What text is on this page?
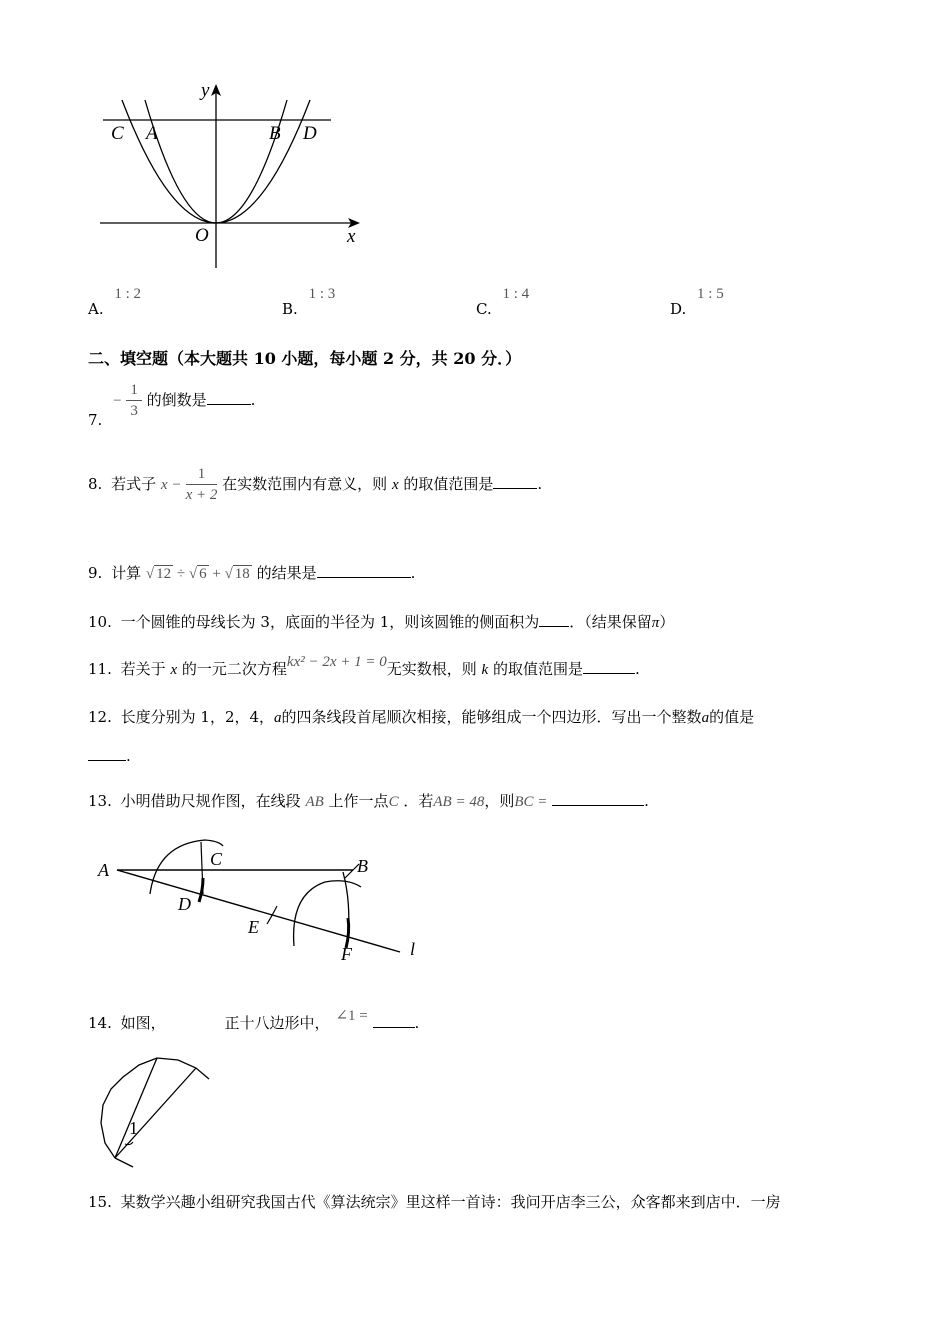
y
x
O
C A	B D
A. 1 : 2
B. 1 : 3
C. 1 : 4
D. 1 : 5
二、填空题（本大题共 10 小题，每小题 2 分，共 20 分．）
7. − $\frac{1}{3}$ 的倒数是	.
8. 若式子 $x - \frac{1}{x + 2}$ 在实数范围内有意义，则 x 的取值范围是	.
9. 计算 √ 12 ÷ √ 6 + √ 18 的结果是	.
10. 一个圆锥的母线长为 3，底面的半径为 1，则该圆锥的侧面积为 ．（结果保留π）
11. 若关于 x 的一元二次方程kx² − 2x + 1 = 0无实数根，则 k 的取值范围是	.
12. 长度分别为 1，2，4，a的四条线段首尾顺次相接，能够组成一个四边形．写出一个整数a的值是
.
13. 小明借助尺规作图，在线段 AB 上作一点C ．若AB = 48，则BC =	.
A	B
C
D
E
F	l
14. 如图，	正十八边形中， ∠1 =	.
1
15. 某数学兴趣小组研究我国古代《算法统宗》里这样一首诗：我问开店李三公，众客都来到店中．一房
